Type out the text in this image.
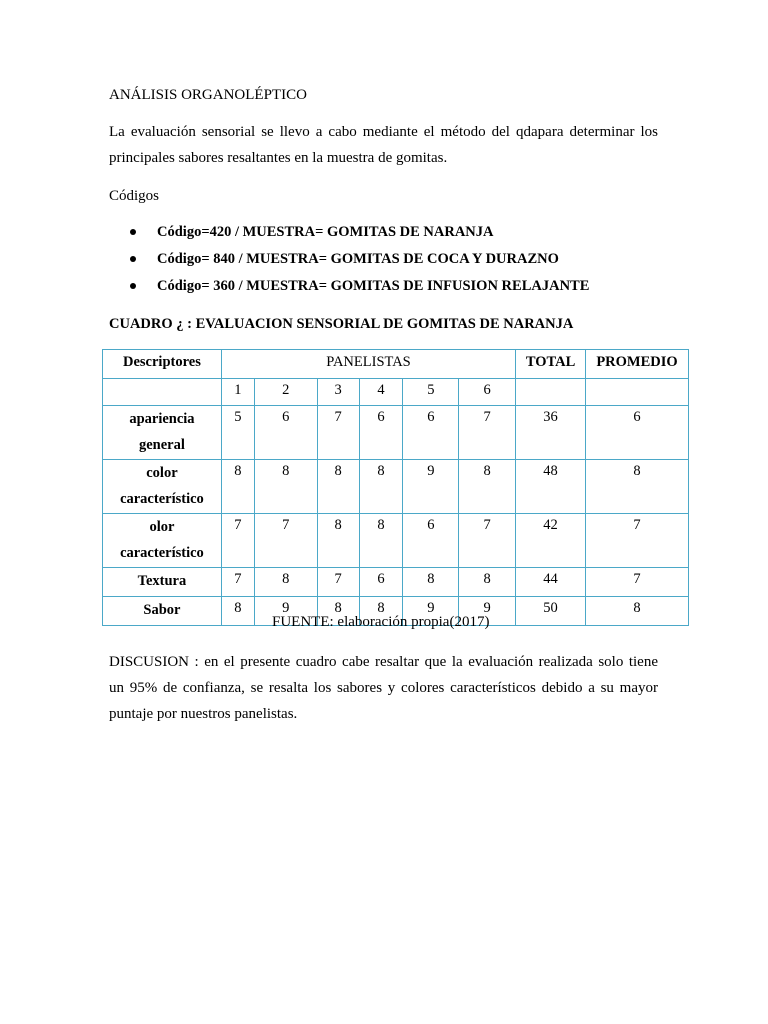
ANÁLISIS ORGANOLÉPTICO
La evaluación sensorial se llevo a cabo mediante el método del qdapara determinar los
principales sabores resaltantes en la muestra de gomitas.
Códigos
Código=420 / MUESTRA= GOMITAS DE NARANJA
Código= 840 / MUESTRA= GOMITAS DE COCA Y DURAZNO
Código= 360 / MUESTRA= GOMITAS DE INFUSION RELAJANTE
CUADRO ¿ : EVALUACION SENSORIAL DE GOMITAS DE NARANJA
Descriptores	PANELISTAS						TOTAL	PROMEDIO
	1	2	3	4	5	6		
apariencia
general	5	6	7	6	6	7	36	6
color
característico	8	8	8	8	9	8	48	8
olor
característico	7	7	8	8	6	7	42	7
Textura	7	8	7	6	8	8	44	7
Sabor	8	9	8	8	9	9	50	8
FUENTE: elaboración propia(2017)
DISCUSION : en el presente cuadro cabe resaltar que la evaluación realizada solo tiene
un 95% de confianza, se resalta los sabores y colores característicos debido a su mayor
puntaje por nuestros panelistas.
